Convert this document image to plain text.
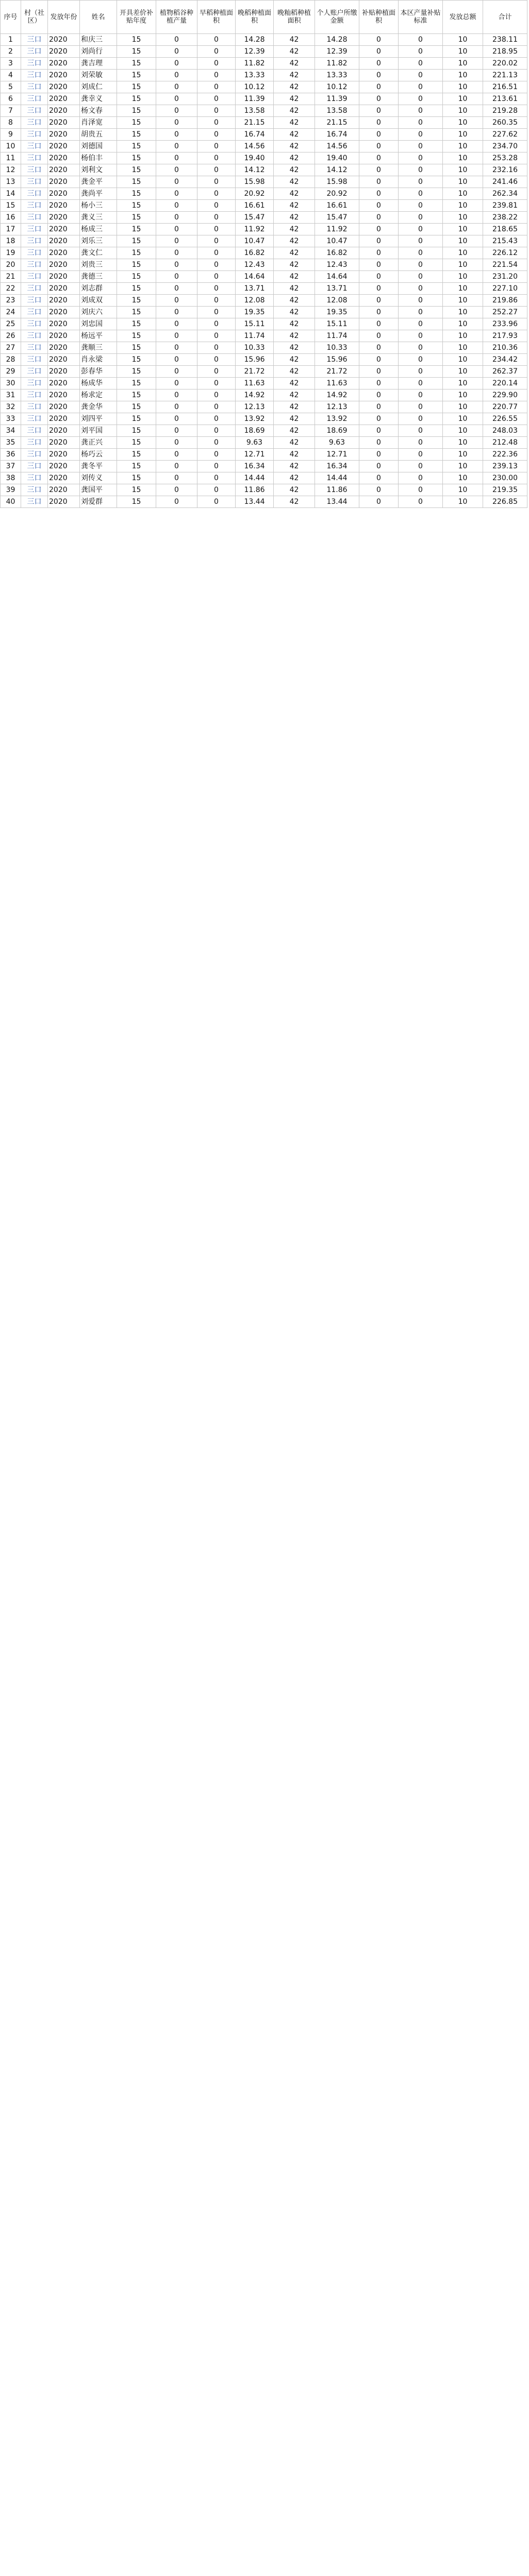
序号	村（社区）	发放年份	姓名	开具差价补贴年度	植物稻谷种植产量	早稻种植面积	晚稻种植面积	晚籼稻种植面积	个人账户所缴金额	补贴种植面积	本区产量补贴标准	发放总额	合计
1	三口	2020	和庆三	15	0	0	14.28	42	14.28	0	0	10	238.11
2	三口	2020	刘尚行	15	0	0	12.39	42	12.39	0	0	10	218.95
3	三口	2020	龚吉理	15	0	0	11.82	42	11.82	0	0	10	220.02
4	三口	2020	刘荣敏	15	0	0	13.33	42	13.33	0	0	10	221.13
5	三口	2020	刘成仁	15	0	0	10.12	42	10.12	0	0	10	216.51
6	三口	2020	龚幸义	15	0	0	11.39	42	11.39	0	0	10	213.61
7	三口	2020	杨文春	15	0	0	13.58	42	13.58	0	0	10	219.28
8	三口	2020	肖泽宽	15	0	0	21.15	42	21.15	0	0	10	260.35
9	三口	2020	胡贵五	15	0	0	16.74	42	16.74	0	0	10	227.62
10	三口	2020	刘德国	15	0	0	14.56	42	14.56	0	0	10	234.70
11	三口	2020	杨伯丰	15	0	0	19.40	42	19.40	0	0	10	253.28
12	三口	2020	刘利文	15	0	0	14.12	42	14.12	0	0	10	232.16
13	三口	2020	龚金平	15	0	0	15.98	42	15.98	0	0	10	241.46
14	三口	2020	龚尚平	15	0	0	20.92	42	20.92	0	0	10	262.34
15	三口	2020	杨小三	15	0	0	16.61	42	16.61	0	0	10	239.81
16	三口	2020	龚义三	15	0	0	15.47	42	15.47	0	0	10	238.22
17	三口	2020	杨成三	15	0	0	11.92	42	11.92	0	0	10	218.65
18	三口	2020	刘乐三	15	0	0	10.47	42	10.47	0	0	10	215.43
19	三口	2020	龚文仁	15	0	0	16.82	42	16.82	0	0	10	226.12
20	三口	2020	刘贵三	15	0	0	12.43	42	12.43	0	0	10	221.54
21	三口	2020	龚德三	15	0	0	14.64	42	14.64	0	0	10	231.20
22	三口	2020	刘志群	15	0	0	13.71	42	13.71	0	0	10	227.10
23	三口	2020	刘成双	15	0	0	12.08	42	12.08	0	0	10	219.86
24	三口	2020	刘庆六	15	0	0	19.35	42	19.35	0	0	10	252.27
25	三口	2020	刘忠国	15	0	0	15.11	42	15.11	0	0	10	233.96
26	三口	2020	杨远平	15	0	0	11.74	42	11.74	0	0	10	217.93
27	三口	2020	龚顺三	15	0	0	10.33	42	10.33	0	0	10	210.36
28	三口	2020	肖永梁	15	0	0	15.96	42	15.96	0	0	10	234.42
29	三口	2020	彭春华	15	0	0	21.72	42	21.72	0	0	10	262.37
30	三口	2020	杨成华	15	0	0	11.63	42	11.63	0	0	10	220.14
31	三口	2020	杨求定	15	0	0	14.92	42	14.92	0	0	10	229.90
32	三口	2020	龚金华	15	0	0	12.13	42	12.13	0	0	10	220.77
33	三口	2020	刘四平	15	0	0	13.92	42	13.92	0	0	10	226.55
34	三口	2020	刘平国	15	0	0	18.69	42	18.69	0	0	10	248.03
35	三口	2020	龚正兴	15	0	0	9.63	42	9.63	0	0	10	212.48
36	三口	2020	杨巧云	15	0	0	12.71	42	12.71	0	0	10	222.36
37	三口	2020	龚冬平	15	0	0	16.34	42	16.34	0	0	10	239.13
38	三口	2020	刘传义	15	0	0	14.44	42	14.44	0	0	10	230.00
39	三口	2020	龚国平	15	0	0	11.86	42	11.86	0	0	10	219.35
40	三口	2020	刘爱群	15	0	0	13.44	42	13.44	0	0	10	226.85
